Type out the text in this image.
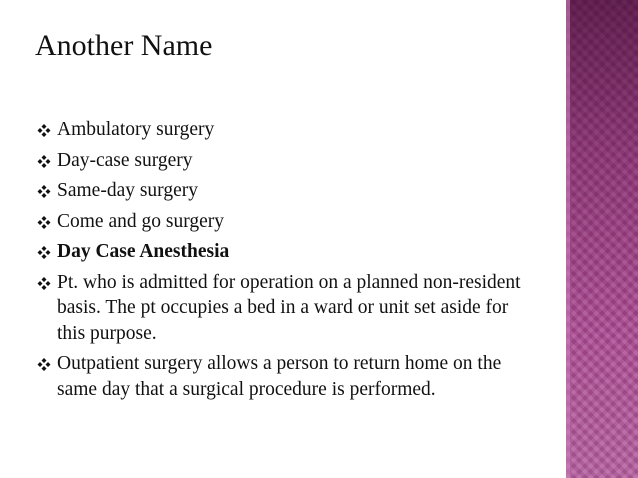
Another Name
Ambulatory surgery
Day-case surgery
Same-day surgery
Come and go surgery
Day Case Anesthesia
Pt. who is admitted for operation on a planned non-resident basis. The pt occupies a bed in a ward or unit set aside for this purpose.
Outpatient surgery allows a person to return home on the same day that a surgical procedure is performed.
